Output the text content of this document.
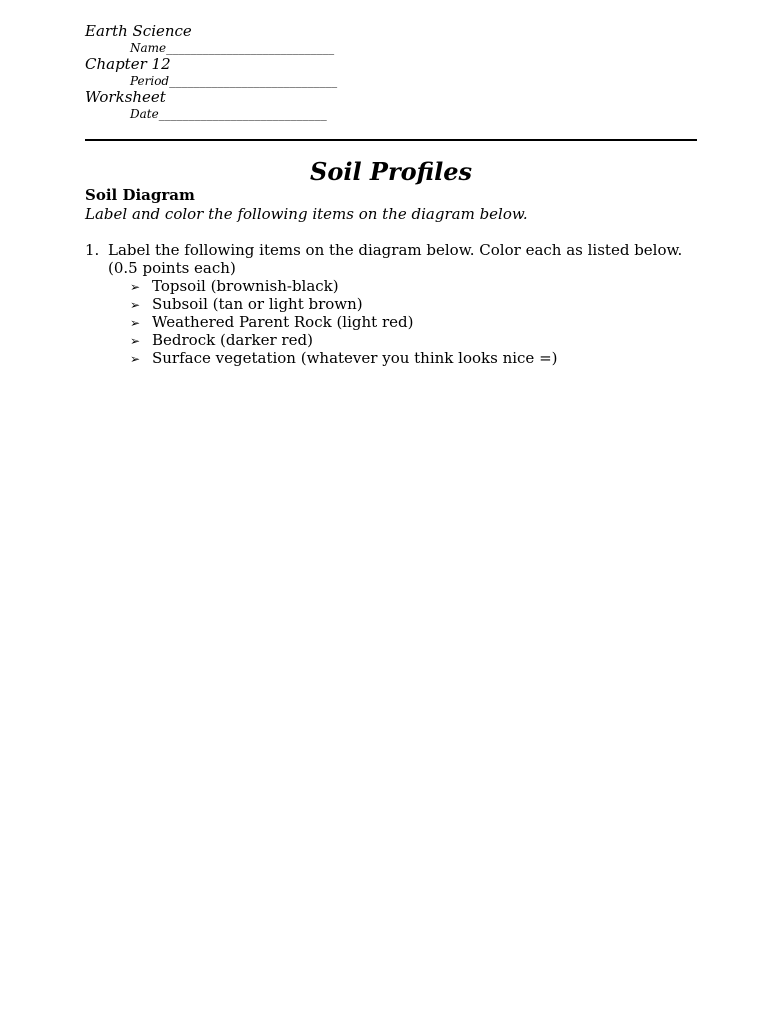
Earth Science
Name____________________________
Chapter 12
Period____________________________
Worksheet
Date____________________________
Soil Profiles
Soil Diagram
Label and color the following items on the diagram below.
1. Label the following items on the diagram below. Color each as listed below.
(0.5 points each)
➢ Topsoil (brownish-black)
➢ Subsoil (tan or light brown)
➢ Weathered Parent Rock (light red)
➢ Bedrock (darker red)
➢ Surface vegetation (whatever you think looks nice =)
